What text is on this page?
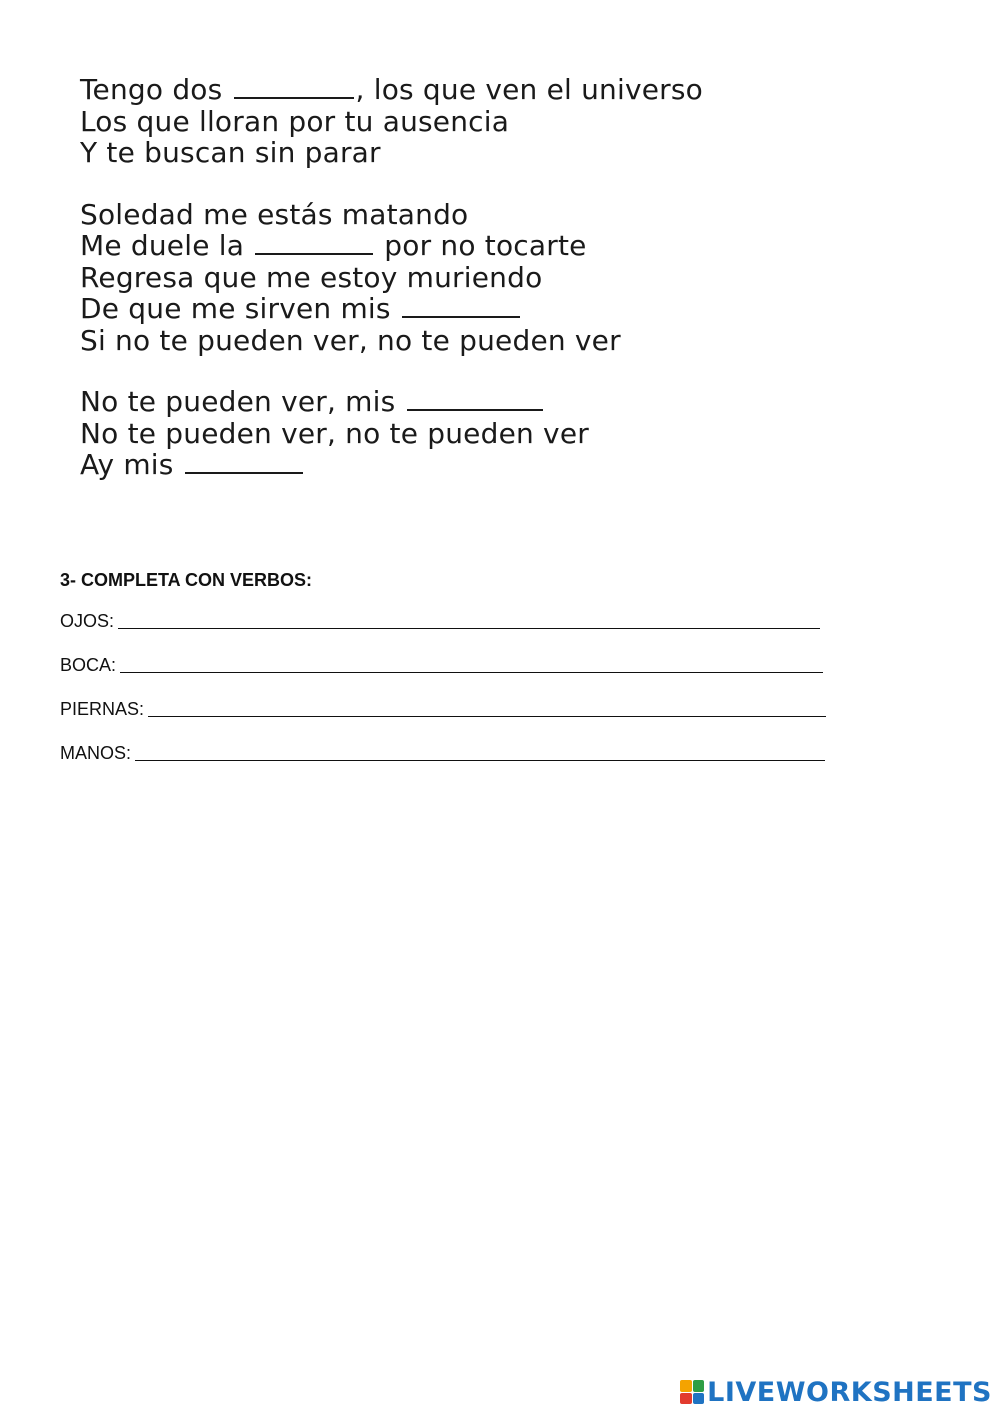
Tengo dos	, los que ven el universo
Los que lloran por tu ausencia
Y te buscan sin parar
Soledad me estás matando
Me duele la	por no tocarte
Regresa que me estoy muriendo
De que me sirven mis
Si no te pueden ver, no te pueden ver
No te pueden ver, mis
No te pueden ver, no te pueden ver
Ay mis
3- COMPLETA CON VERBOS:
OJOS:
BOCA:
PIERNAS:
MANOS:
LIVEWORKSHEETS
